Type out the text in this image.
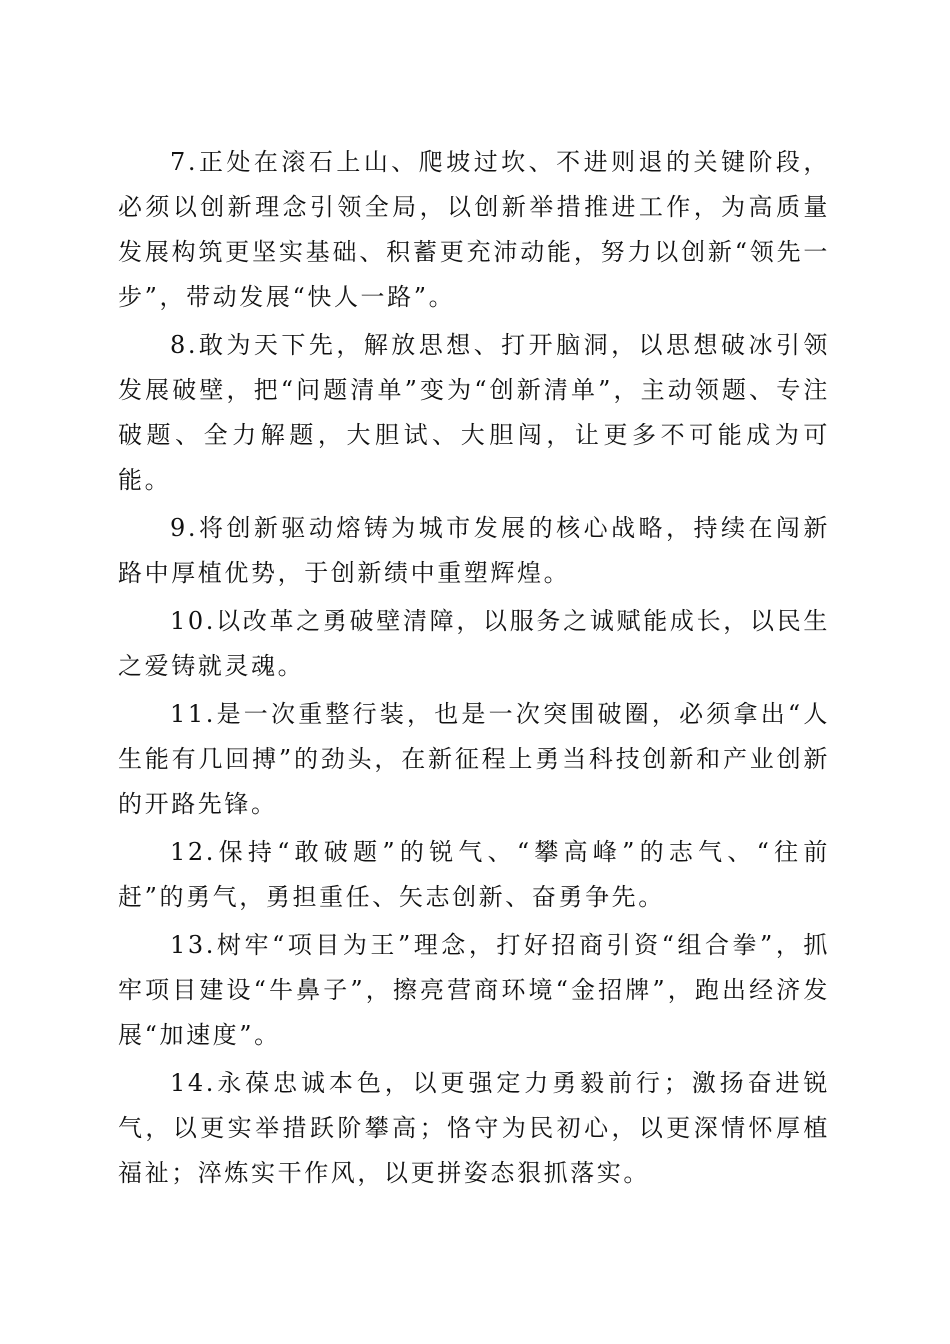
7.正处在滚石上山、爬坡过坎、不进则退的关键阶段，必须以创新理念引领全局，以创新举措推进工作，为高质量发展构筑更坚实基础、积蓄更充沛动能，努力以创新“领先一步”，带动发展“快人一路”。

8.敢为天下先，解放思想、打开脑洞，以思想破冰引领发展破壁，把“问题清单”变为“创新清单”，主动领题、专注破题、全力解题，大胆试、大胆闯，让更多不可能成为可能。

9.将创新驱动熔铸为城市发展的核心战略，持续在闯新路中厚植优势，于创新绩中重塑辉煌。

10.以改革之勇破壁清障，以服务之诚赋能成长，以民生之爱铸就灵魂。

11.是一次重整行装，也是一次突围破圈，必须拿出“人生能有几回搏”的劲头，在新征程上勇当科技创新和产业创新的开路先锋。

12.保持“敢破题”的锐气、“攀高峰”的志气、“往前赶”的勇气，勇担重任、矢志创新、奋勇争先。

13.树牢“项目为王”理念，打好招商引资“组合拳”，抓牢项目建设“牛鼻子”，擦亮营商环境“金招牌”，跑出经济发展“加速度”。

14.永葆忠诚本色，以更强定力勇毅前行；激扬奋进锐气，以更实举措跃阶攀高；恪守为民初心，以更深情怀厚植福祉；淬炼实干作风，以更拼姿态狠抓落实。
